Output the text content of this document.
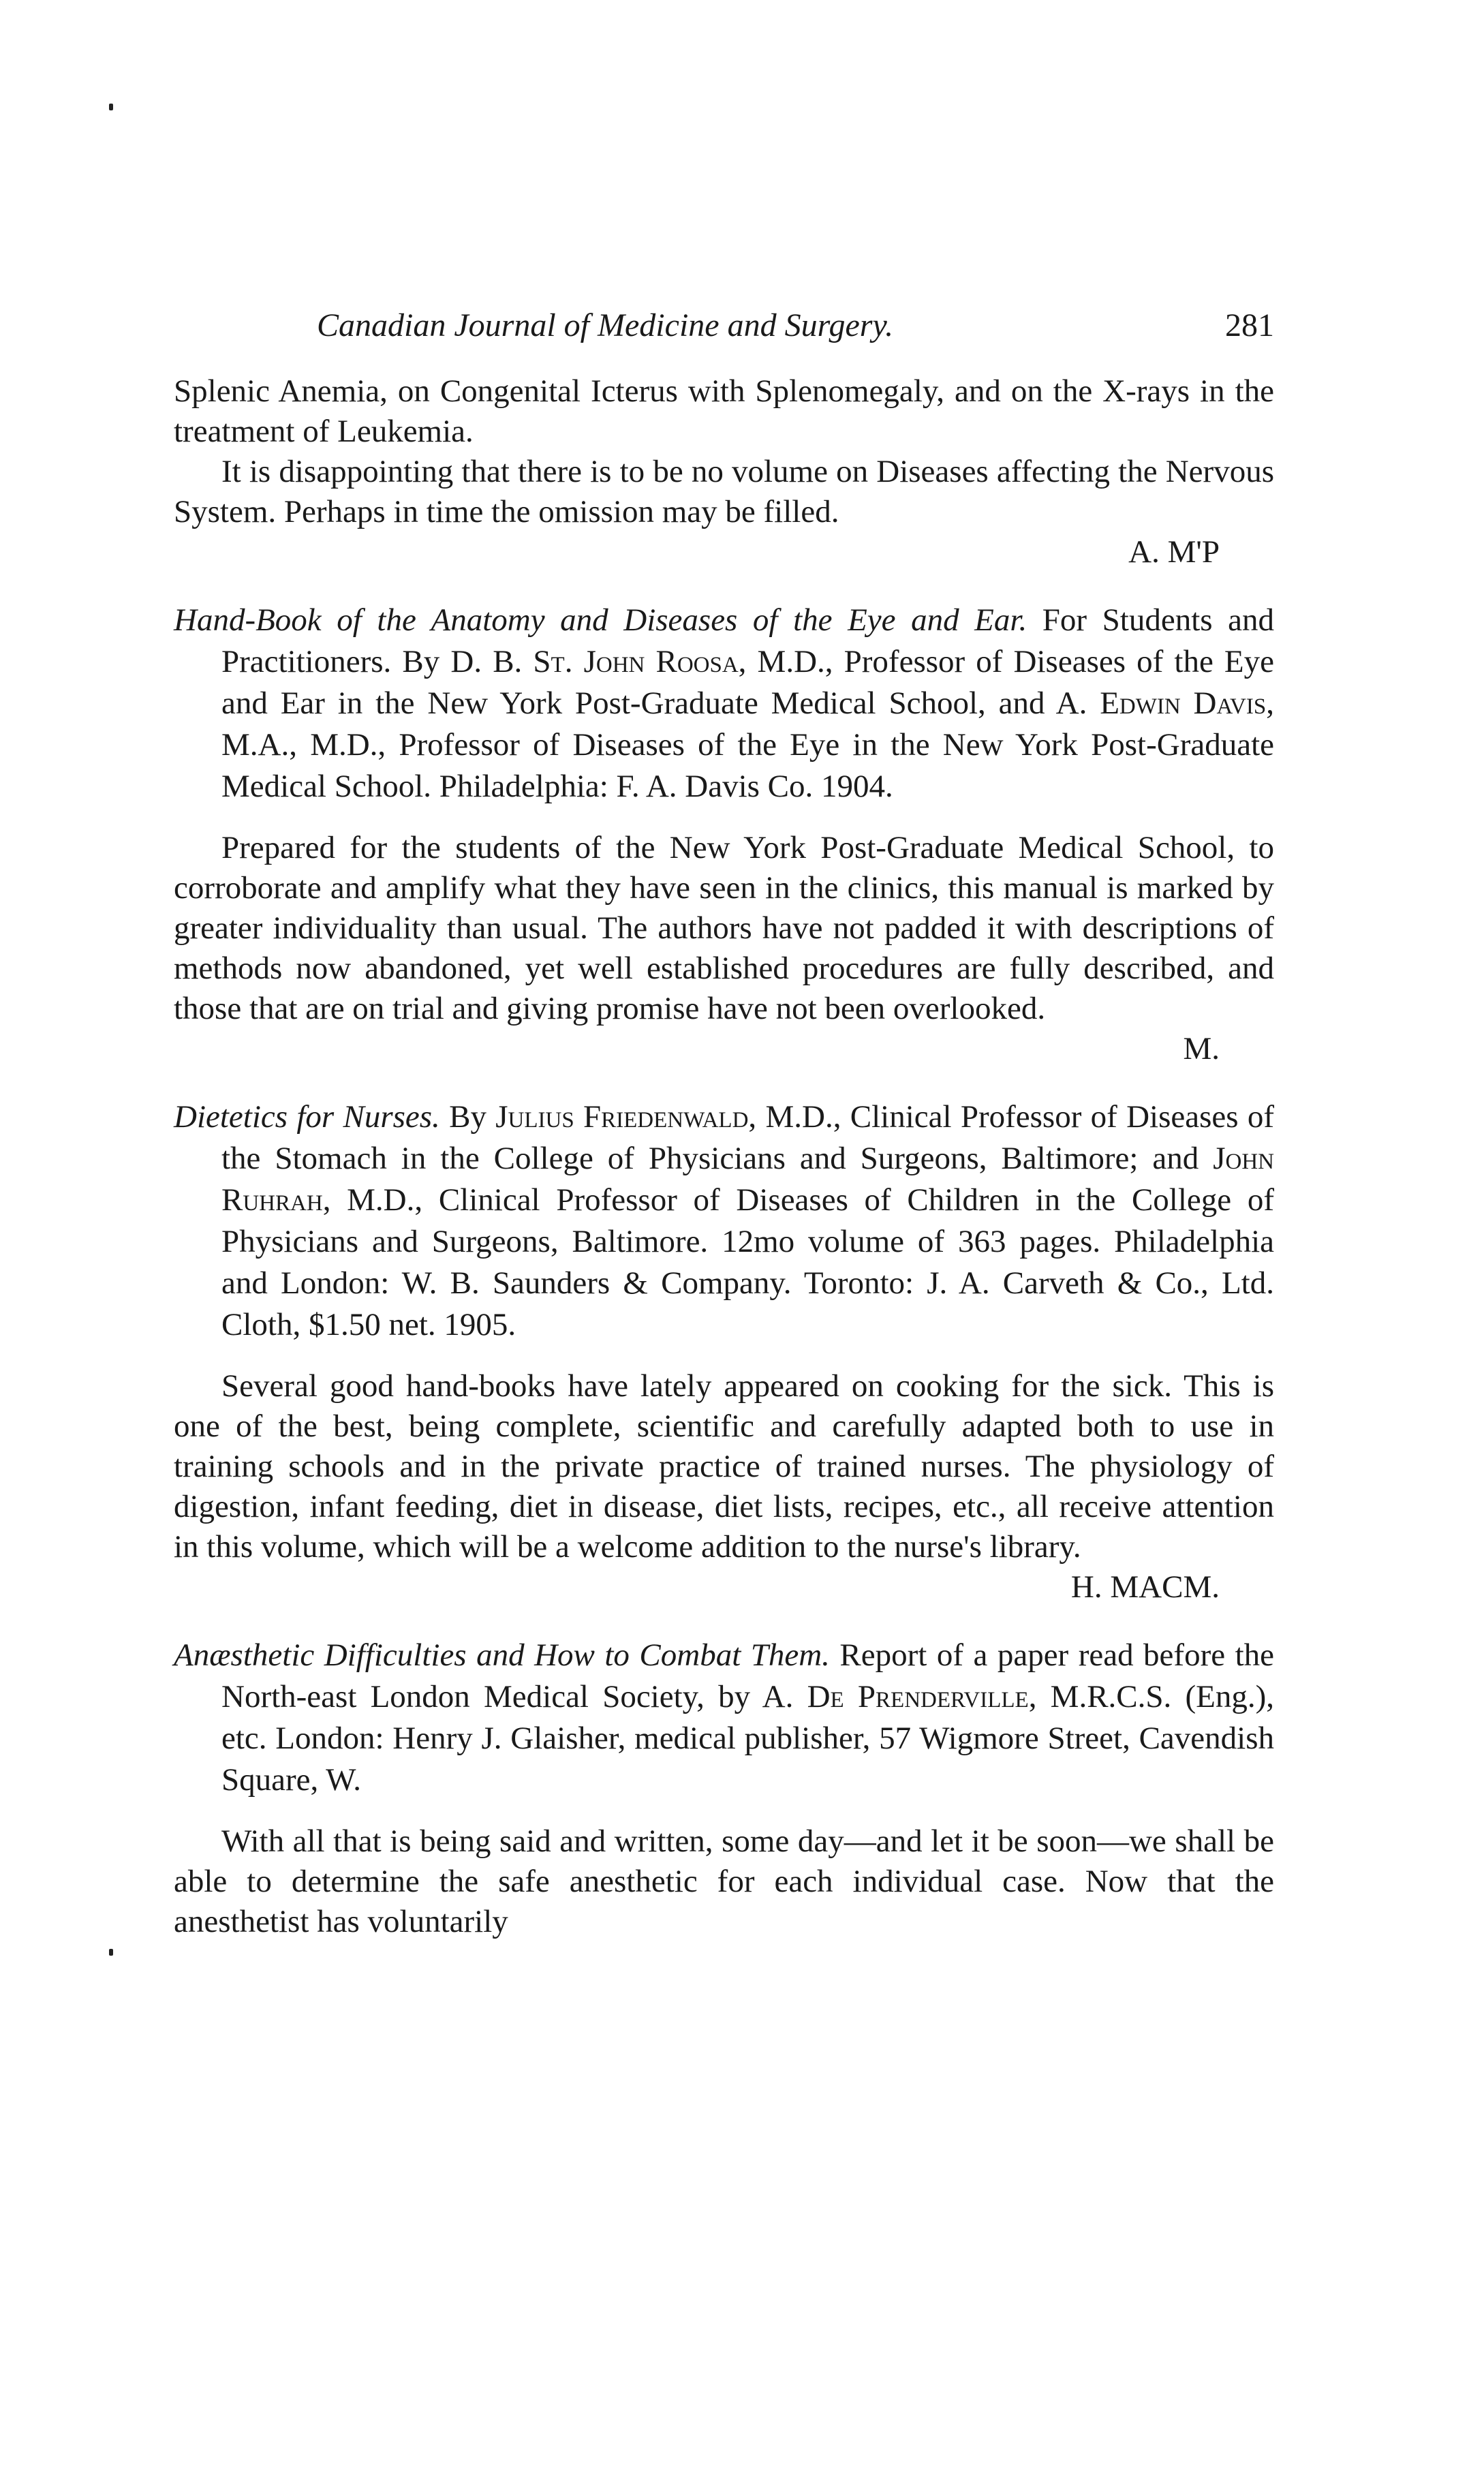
Canadian Journal of Medicine and Surgery.	281

Splenic Anemia, on Congenital Icterus with Splenomegaly, and on the X-rays in the treatment of Leukemia.

It is disappointing that there is to be no volume on Diseases affecting the Nervous System. Perhaps in time the omission may be filled.

A. M'P

Hand-Book of the Anatomy and Diseases of the Eye and Ear. For Students and Practitioners. By D. B. St. John Roosa, M.D., Professor of Diseases of the Eye and Ear in the New York Post-Graduate Medical School, and A. Edwin Davis, M.A., M.D., Professor of Diseases of the Eye in the New York Post-Graduate Medical School. Philadelphia: F. A. Davis Co. 1904.

Prepared for the students of the New York Post-Graduate Medical School, to corroborate and amplify what they have seen in the clinics, this manual is marked by greater individuality than usual. The authors have not padded it with descriptions of methods now abandoned, yet well established procedures are fully described, and those that are on trial and giving promise have not been overlooked.

M.

Dietetics for Nurses. By Julius Friedenwald, M.D., Clinical Professor of Diseases of the Stomach in the College of Physicians and Surgeons, Baltimore; and John Ruhrah, M.D., Clinical Professor of Diseases of Children in the College of Physicians and Surgeons, Baltimore. 12mo volume of 363 pages. Philadelphia and London: W. B. Saunders & Company. Toronto: J. A. Carveth & Co., Ltd. Cloth, $1.50 net. 1905.

Several good hand-books have lately appeared on cooking for the sick. This is one of the best, being complete, scientific and carefully adapted both to use in training schools and in the private practice of trained nurses. The physiology of digestion, infant feeding, diet in disease, diet lists, recipes, etc., all receive attention in this volume, which will be a welcome addition to the nurse's library.

H. MACM.

Anæsthetic Difficulties and How to Combat Them. Report of a paper read before the North-east London Medical Society, by A. De Prenderville, M.R.C.S. (Eng.), etc. London: Henry J. Glaisher, medical publisher, 57 Wigmore Street, Cavendish Square, W.

With all that is being said and written, some day—and let it be soon—we shall be able to determine the safe anesthetic for each individual case. Now that the anesthetist has voluntarily
